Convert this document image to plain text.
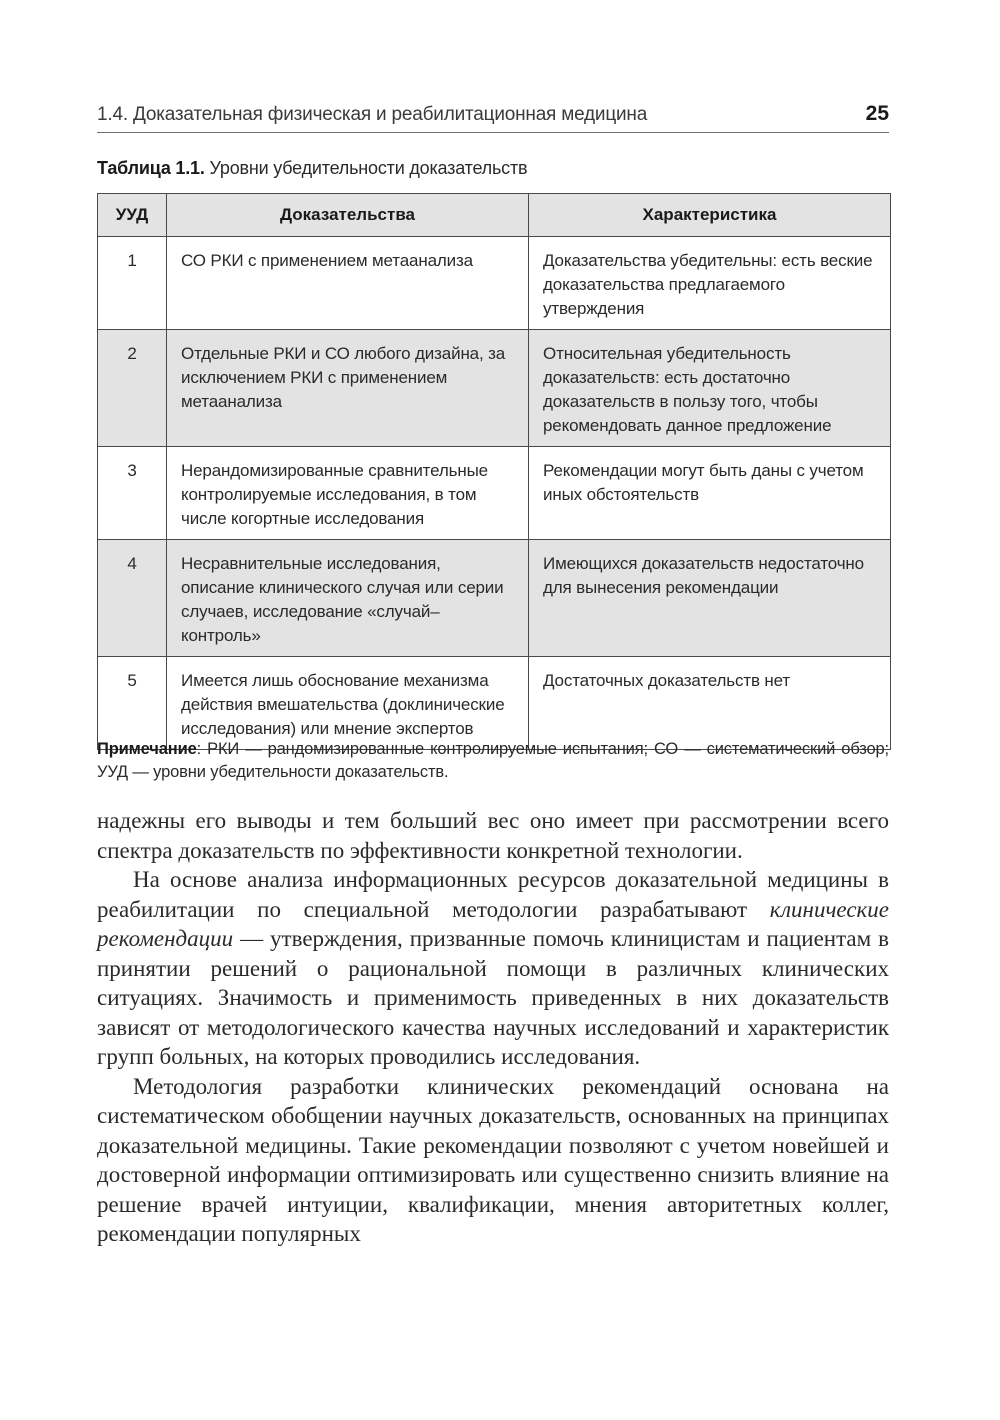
1.4. Доказательная физическая и реабилитационная медицина	25
Таблица 1.1. Уровни убедительности доказательств
УУД	Доказательства	Характеристика
1	СО РКИ с применением метаанализа	Доказательства убедительны: есть веские доказательства предлагаемого утверждения
2	Отдельные РКИ и СО любого дизайна, за исключением РКИ с применением метаанализа	Относительная убедительность доказательств: есть достаточно доказательств в пользу того, чтобы рекомендовать данное предложение
3	Нерандомизированные сравнительные контролируемые исследования, в том числе когортные исследования	Рекомендации могут быть даны с учетом иных обстоятельств
4	Несравнительные исследования, описание клинического случая или серии случаев, исследование «случай–контроль»	Имеющихся доказательств недостаточно для вынесения рекомендации
5	Имеется лишь обоснование механизма действия вмешательства (доклинические исследования) или мнение экспертов	Достаточных доказательств нет
Примечание: РКИ — рандомизированные контролируемые испытания; СО — систематический обзор; УУД — уровни убедительности доказательств.

надежны его выводы и тем больший вес оно имеет при рассмотрении всего спектра доказательств по эффективности конкретной технологии.

На основе анализа информационных ресурсов доказательной медицины в реабилитации по специальной методологии разрабатывают клинические рекомендации — утверждения, призванные помочь клиницистам и пациентам в принятии решений о рациональной помощи в различных клинических ситуациях. Значимость и применимость приведенных в них доказательств зависят от методологического качества научных исследований и характеристик групп больных, на которых проводились исследования.

Методология разработки клинических рекомендаций основана на систематическом обобщении научных доказательств, основанных на принципах доказательной медицины. Такие рекомендации позволяют с учетом новейшей и достоверной информации оптимизировать или существенно снизить влияние на решение врачей интуиции, квалификации, мнения авторитетных коллег, рекомендации популярных
